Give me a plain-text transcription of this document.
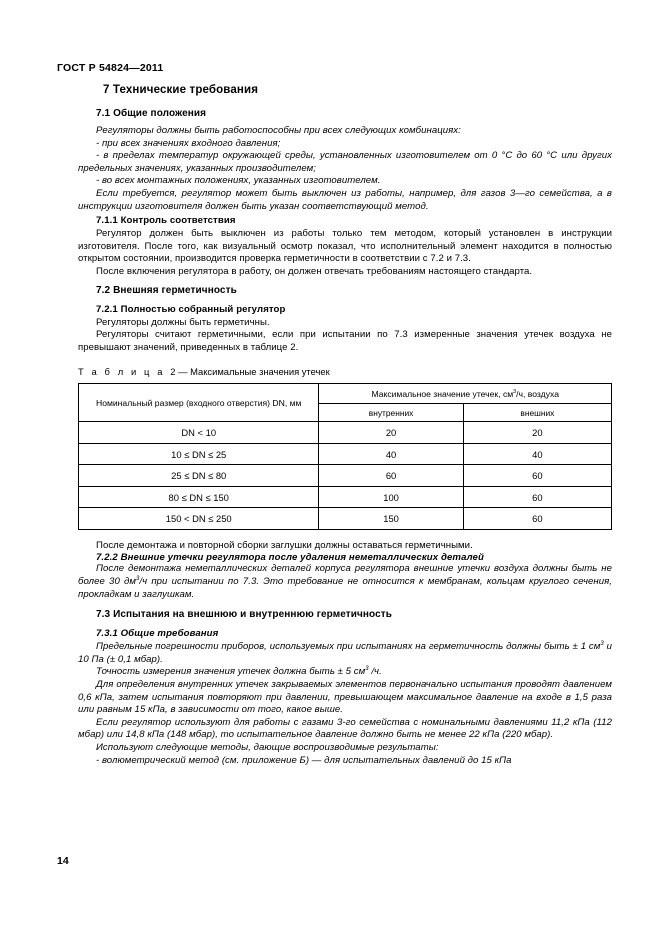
ГОСТ Р 54824—2011
7 Технические требования
7.1 Общие положения

Регуляторы должны быть работоспособны при всех следующих комбинациях:

- при всех значениях входного давления;

- в пределах температур окружающей среды, установленных изготовителем от 0 °С до 60 °С или других предельных значениях, указанных производителем;

- во всех монтажных положениях, указанных изготовителем.

Если требуется, регулятор может быть выключен из работы, например, для газов 3—го семейства, а в инструкции изготовителя должен быть указан соответствующий метод.

7.1.1 Контроль соответствия

Регулятор должен быть выключен из работы только тем методом, который установлен в инструкции изготовителя. После того, как визуальный осмотр показал, что исполнительный элемент находится в полностью открытом состоянии, производится проверка герметичности в соответствии с 7.2 и 7.3.

После включения регулятора в работу, он должен отвечать требованиям настоящего стандарта.

7.2 Внешняя герметичность
7.2.1 Полностью собранный регулятор

Регуляторы должны быть герметичны.

Регуляторы считают герметичными, если при испытании по 7.3 измеренные значения утечек воздуха не превышают значений, приведенных в таблице 2.

Т а б л и ц а 2 — Максимальные значения утечек

Номинальный размер (входного отверстия) DN, мм	Максимальное значение утечек, $см^3/ч$, воздуха	
	внутренних	внешних
DN < 10	20	20
10 ≤ DN ≤ 25	40	40
25 ≤ DN ≤ 80	60	60
80 ≤ DN ≤ 150	100	60
150 < DN ≤ 250	150	60

После демонтажа и повторной сборки заглушки должны оставаться герметичными.

7.2.2 Внешние утечки регулятора после удаления неметаллических деталей

После демонтажа неметаллических деталей корпуса регулятора внешние утечки воздуха должны быть не более 30 $дм^3/ч$ при испытании по 7.3. Это требование не относится к мембранам, кольцам круглого сечения, прокладкам и заглушкам.

7.3 Испытания на внешнюю и внутреннюю герметичность
7.3.1 Общие требования

Предельные погрешности приборов, используемых при испытаниях на герметичность должны быть ± 1 $см^3$ и 10 Па (± 0,1 мбар).

Точность измерения значения утечек должна быть ± 5 $см^3$ /ч.

Для определения внутренних утечек закрываемых элементов первоначально испытания проводят давлением 0,6 кПа, затем испытания повторяют при давлении, превышающем максимальное давление на входе в 1,5 раза или равным 15 кПа, в зависимости от того, какое выше.

Если регулятор используют для работы с газами 3-го семейства с номинальными давлениями 11,2 кПа (112 мбар) или 14,8 кПа (148 мбар), то испытательное давление должно быть не менее 22 кПа (220 мбар).

Используют следующие методы, дающие воспроизводимые результаты:

- волюметрический метод (см. приложение Б) — для испытательных давлений до 15 кПа

14
